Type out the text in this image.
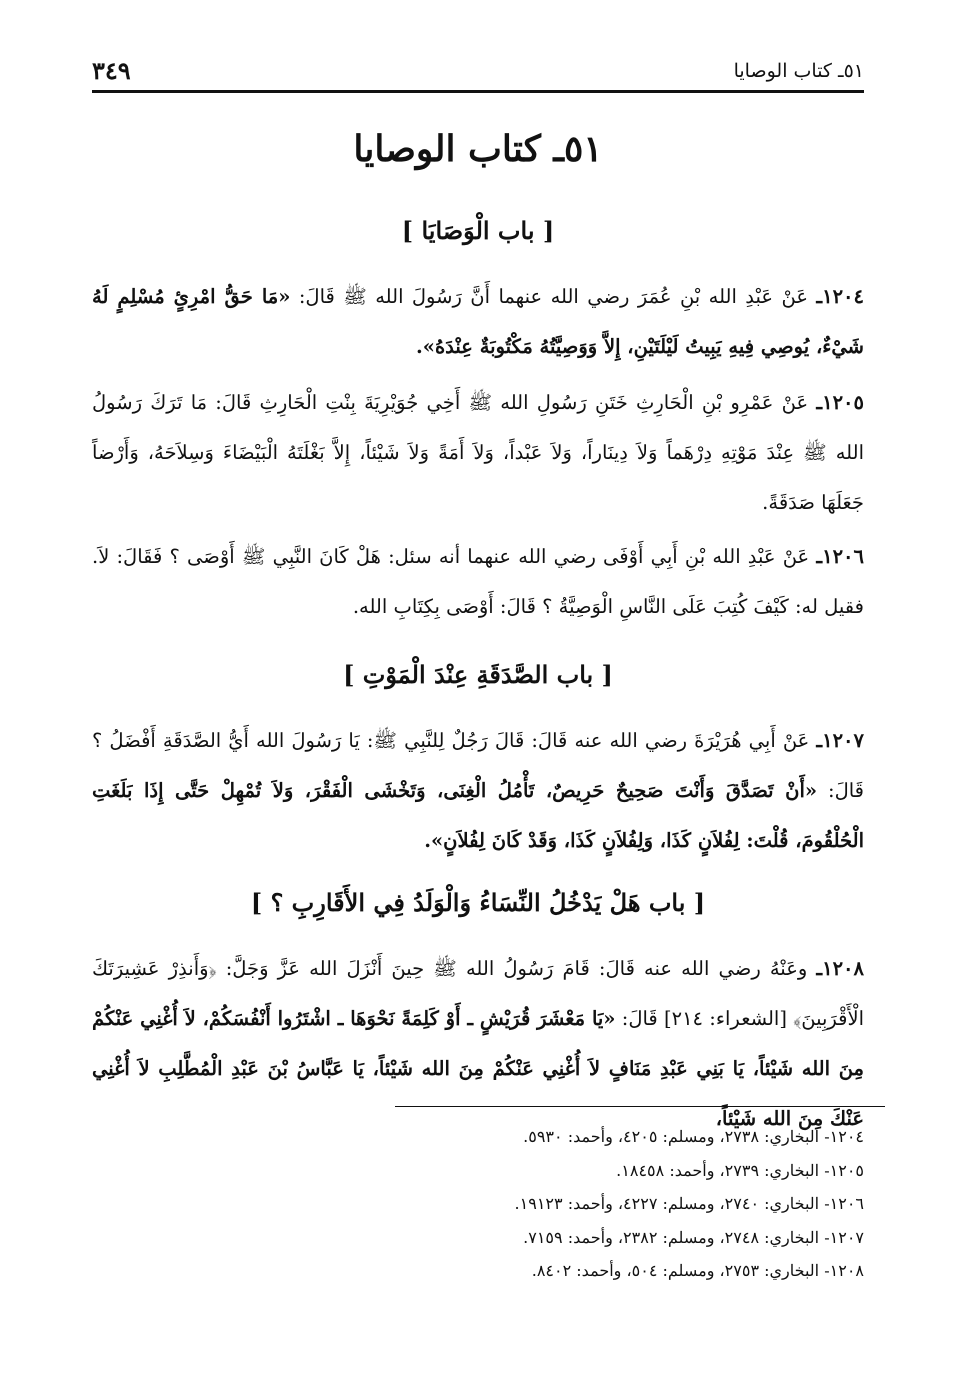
٥١ـ كتاب الوصايا
٣٤٩
٥١ـ كتاب الوصايا
[ باب الْوَصَايَا ]
١٢٠٤ـ عَنْ عَبْدِ الله بْنِ عُمَرَ رضي الله عنهما أَنَّ رَسُولَ الله ﷺ قَالَ: «مَا حَقُّ امْرِئٍ مُسْلِمٍ لَهُ شَيْءٌ، يُوصِي فِيهِ يَبِيتُ لَيْلَتَيْنِ، إِلاَّ وَوَصِيَّتُهُ مَكْتُوبَةٌ عِنْدَهُ».
١٢٠٥ـ عَنْ عَمْرِو بْنِ الْحَارِثِ خَتَنِ رَسُولِ الله ﷺ أَخِي جُوَيْرِيَةَ بِنْتِ الْحَارِثِ قَالَ: مَا تَرَكَ رَسُولُ الله ﷺ عِنْدَ مَوْتِهِ دِرْهَماً وَلاَ دِينَاراً، وَلاَ عَبْداً، وَلاَ أَمَةً وَلاَ شَيْئاً، إِلاَّ بَغْلَتَهُ الْبَيْضَاءَ وَسِلاَحَهُ، وَأَرْضاً جَعَلَهَا صَدَقَةً.
١٢٠٦ـ عَنْ عَبْدِ الله بْنِ أَبِي أَوْفَى رضي الله عنهما أنه سئل: هَلْ كَانَ النَّبِي ﷺ أَوْصَى ؟ فَقَالَ: لاَ. فقيل له: كَيْفَ كُتِبَ عَلَى النَّاسِ الْوَصِيَّةُ ؟ قَالَ: أَوْصَى بِكِتَابِ الله.
[ باب الصَّدَقَةِ عِنْدَ الْمَوْتِ ]
١٢٠٧ـ عَنْ أَبِي هُرَيْرَةَ رضي الله عنه قَالَ: قَالَ رَجُلٌ لِلنَّبِي ﷺ: يَا رَسُولَ الله أَيُّ الصَّدَقَةِ أَفْضَلُ ؟ قَالَ: «أَنْ تَصَدَّقَ وَأَنْتَ صَحِيحٌ حَرِيصٌ، تَأْمُلُ الْغِنَى، وَتَخْشَى الْفَقْرَ، وَلاَ تُمْهِلْ حَتَّى إِذَا بَلَغَتِ الْحُلْقُومَ، قُلْتَ: لِفُلاَنٍ كَذَا، وَلِفُلاَنٍ كَذَا، وَقَدْ كَانَ لِفُلاَنٍ».
[ باب هَلْ يَدْخُلُ النِّسَاءُ وَالْوَلَدُ فِي الأَقَارِبِ ؟ ]
١٢٠٨ـ وعَنْهُ رضي الله عنه قَالَ: قَامَ رَسُولُ الله ﷺ حِينَ أَنْزَلَ الله عَزَّ وَجَلَّ: ﴿وَأَنذِرْ عَشِيرَتَكَ الْأَقْرَبِينَ﴾ [الشعراء: ٢١٤] قَالَ: «يَا مَعْشَرَ قُرَيْشٍ ـ أَوْ كَلِمَةً نَحْوَهَا ـ اشْتَرُوا أَنْفُسَكُمْ، لاَ أُغْنِي عَنْكُمْ مِنَ الله شَيْئاً، يَا بَنِي عَبْدِ مَنَافٍ لاَ أُغْنِي عَنْكُمْ مِنَ الله شَيْئاً، يَا عَبَّاسُ بْنَ عَبْدِ الْمُطَّلِبِ لاَ أُغْنِي عَنْكَ مِنَ الله شَيْئاً،
١٢٠٤- البخاري: ٢٧٣٨، ومسلم: ٤٢٠٥، وأحمد: ٥٩٣٠.
١٢٠٥- البخاري: ٢٧٣٩، وأحمد: ١٨٤٥٨.
١٢٠٦- البخاري: ٢٧٤٠، ومسلم: ٤٢٢٧، وأحمد: ١٩١٢٣.
١٢٠٧- البخاري: ٢٧٤٨، ومسلم: ٢٣٨٢، وأحمد: ٧١٥٩.
١٢٠٨- البخاري: ٢٧٥٣، ومسلم: ٥٠٤، وأحمد: ٨٤٠٢.
